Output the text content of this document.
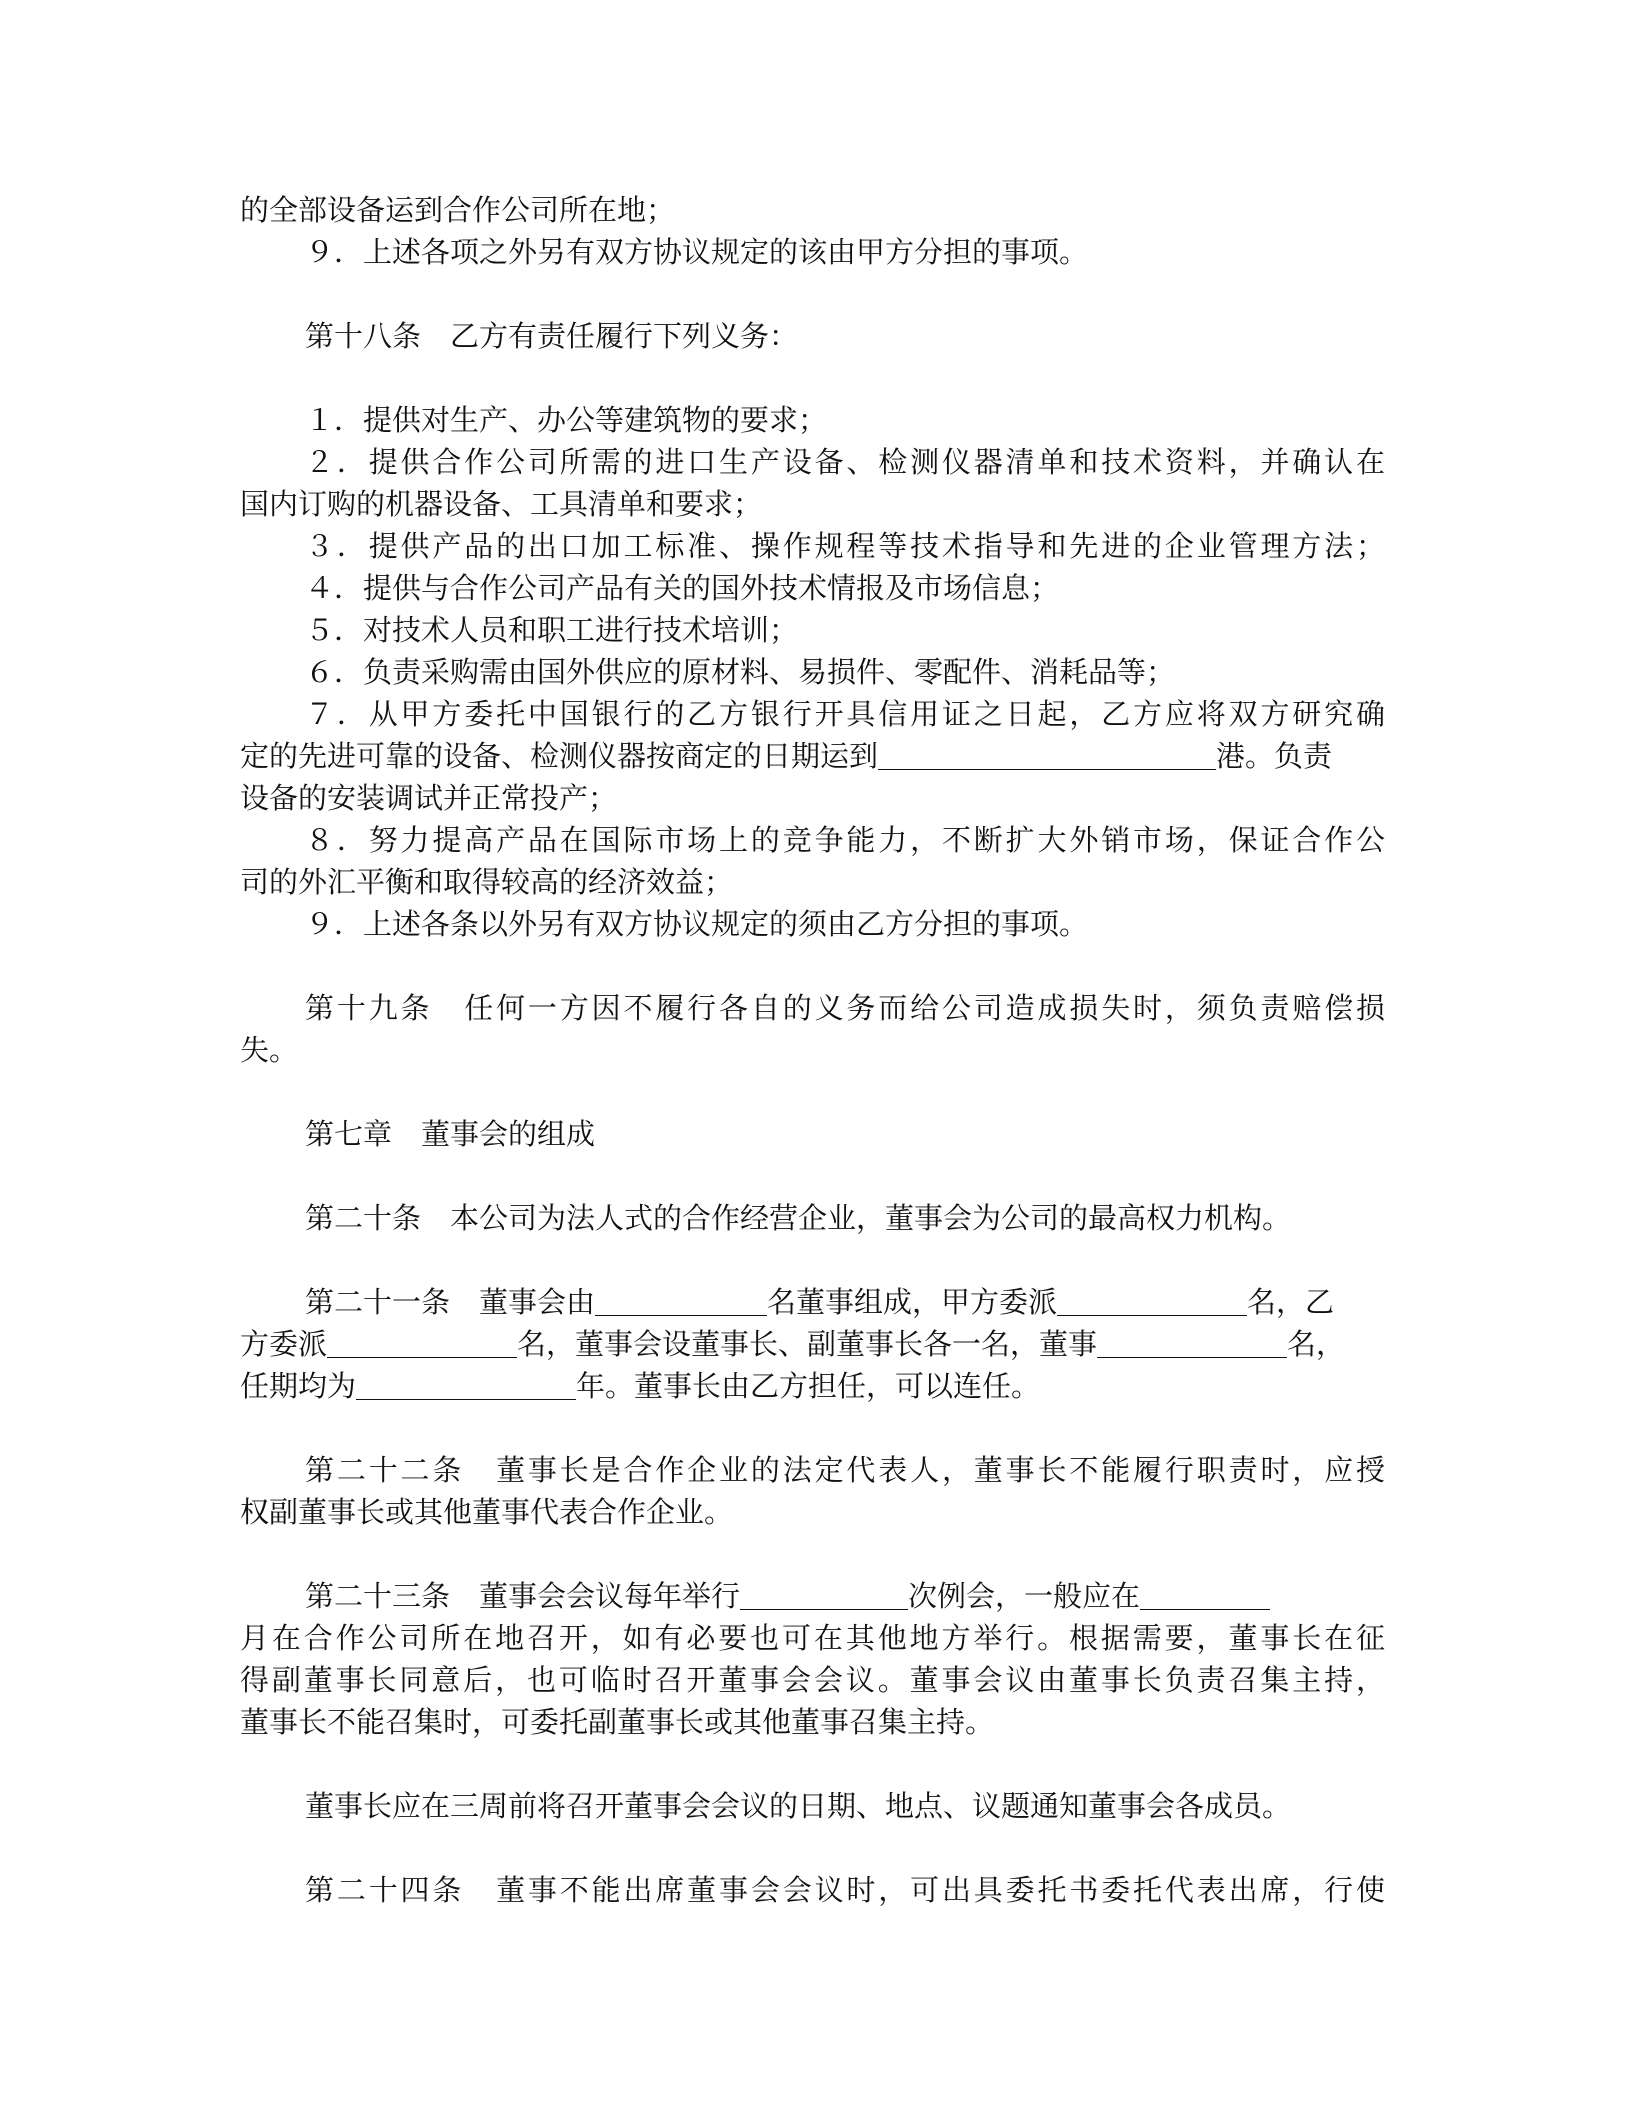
的全部设备运到合作公司所在地；
９．上述各项之外另有双方协议规定的该由甲方分担的事项。
第十八条　乙方有责任履行下列义务：
１．提供对生产、办公等建筑物的要求；
２．提供合作公司所需的进口生产设备、检测仪器清单和技术资料，并确认在
国内订购的机器设备、工具清单和要求；
３．提供产品的出口加工标准、操作规程等技术指导和先进的企业管理方法；
４．提供与合作公司产品有关的国外技术情报及市场信息；
５．对技术人员和职工进行技术培训；
６．负责采购需由国外供应的原材料、易损件、零配件、消耗品等；
７．从甲方委托中国银行的乙方银行开具信用证之日起，乙方应将双方研究确
定的先进可靠的设备、检测仪器按商定的日期运到	港。负责
设备的安装调试并正常投产；
８．努力提高产品在国际市场上的竞争能力，不断扩大外销市场，保证合作公
司的外汇平衡和取得较高的经济效益；
９．上述各条以外另有双方协议规定的须由乙方分担的事项。
第十九条　任何一方因不履行各自的义务而给公司造成损失时，须负责赔偿损
失。
第七章　董事会的组成
第二十条　本公司为法人式的合作经营企业，董事会为公司的最高权力机构。
第二十一条　董事会由	名董事组成，甲方委派	名，乙
方委派	名，董事会设董事长、副董事长各一名，董事	名，
任期均为	年。董事长由乙方担任，可以连任。
第二十二条　董事长是合作企业的法定代表人，董事长不能履行职责时，应授
权副董事长或其他董事代表合作企业。
第二十三条　董事会会议每年举行	次例会，一般应在
月在合作公司所在地召开，如有必要也可在其他地方举行。根据需要，董事长在征
得副董事长同意后，也可临时召开董事会会议。董事会议由董事长负责召集主持，
董事长不能召集时，可委托副董事长或其他董事召集主持。
董事长应在三周前将召开董事会会议的日期、地点、议题通知董事会各成员。
第二十四条　董事不能出席董事会会议时，可出具委托书委托代表出席，行使
